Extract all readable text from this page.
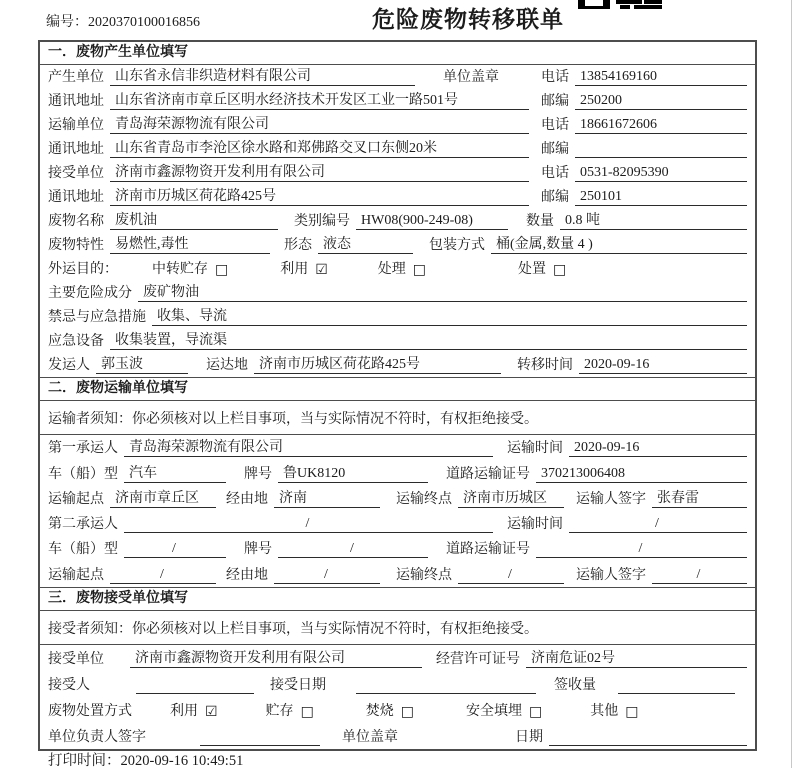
编号：2020370100016856	危险废物转移联单
一．废物产生单位填写
产生单位 山东省永信非织造材料有限公司	单位盖章	电话 13854169160
通讯地址 山东省济南市章丘区明水经济技术开发区工业一路501号	邮编 250200
运输单位 青岛海荣源物流有限公司	电话 18661672606
通讯地址 山东省青岛市李沧区徐水路和郑佛路交叉口东侧20米	邮编
接受单位 济南市鑫源物资开发利用有限公司	电话 0531-82095390
通讯地址 济南市历城区荷花路425号	邮编 250101
废物名称 废机油	类别编号 HW08(900-249-08)	数量 0.8 吨
废物特性 易燃性,毒性	形态 液态	包装方式 桶(金属,数量 4 )
外运目的： 中转贮存 □	利用 ☑	处理 □	处置 □
主要危险成分 废矿物油
禁忌与应急措施 收集、导流
应急设备 收集装置，导流渠
发运人 郭玉波	运达地 济南市历城区荷花路425号	转移时间 2020-09-16
二．废物运输单位填写
运输者须知：你必须核对以上栏目事项，当与实际情况不符时，有权拒绝接受。
第一承运人 青岛海荣源物流有限公司	运输时间 2020-09-16
车（船）型 汽车	牌号 鲁UK8120	道路运输证号 370213006408
运输起点 济南市章丘区	经由地 济南	运输终点 济南市历城区	运输人签字 张春雷
第二承运人	/	运输时间	/
车（船）型	/	牌号	/	道路运输证号	/
运输起点	/	经由地	/	运输终点	/	运输人签字	/
三．废物接受单位填写
接受者须知：你必须核对以上栏目事项，当与实际情况不符时，有权拒绝接受。
接受单位	济南市鑫源物资开发利用有限公司	经营许可证号 济南危证02号
接受人	接受日期	签收量
废物处置方式	利用 ☑	贮存 □	焚烧 □	安全填埋 □	其他 □
单位负责人签字	单位盖章	日期
打印时间：2020-09-16 10:49:51
